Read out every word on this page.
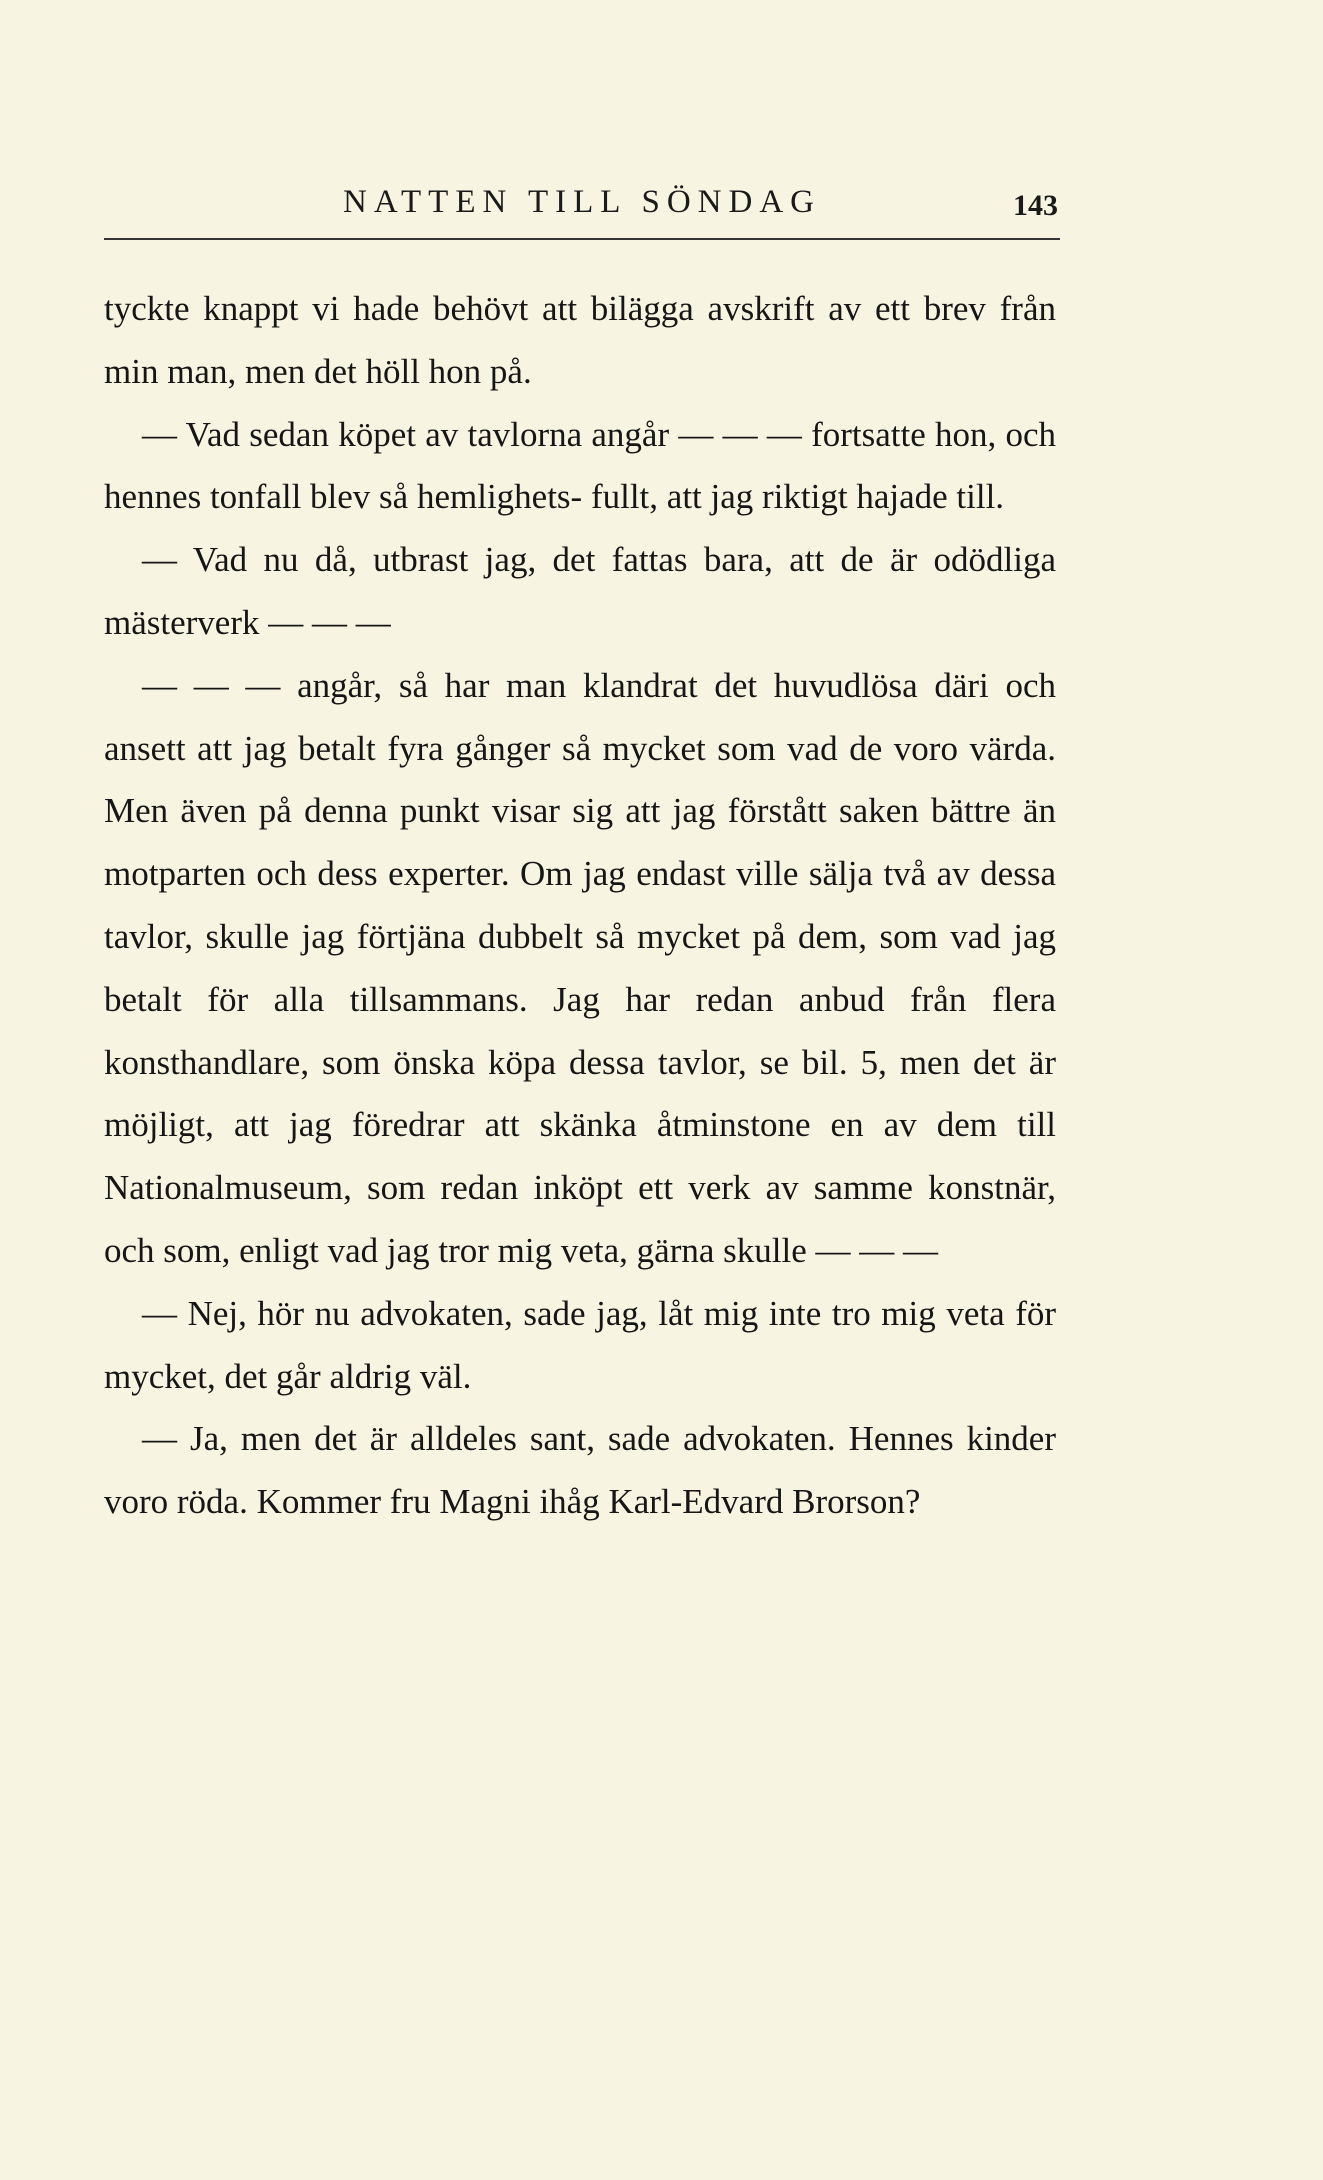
NATTEN TILL SÖNDAG	143

tyckte knappt vi hade behövt att bilägga avskrift av ett brev från min man, men det höll hon på.

— Vad sedan köpet av tavlorna angår — — — fortsatte hon, och hennes tonfall blev så hemlighets- fullt, att jag riktigt hajade till.

— Vad nu då, utbrast jag, det fattas bara, att de är odödliga mästerverk — — —

— — — angår, så har man klandrat det huvudlösa däri och ansett att jag betalt fyra gånger så mycket som vad de voro värda. Men även på denna punkt visar sig att jag förstått saken bättre än motparten och dess experter. Om jag endast ville sälja två av dessa tavlor, skulle jag förtjäna dubbelt så mycket på dem, som vad jag betalt för alla tillsammans. Jag har redan anbud från flera konsthandlare, som önska köpa dessa tavlor, se bil. 5, men det är möjligt, att jag föredrar att skänka åtminstone en av dem till Nationalmuseum, som redan inköpt ett verk av samme konstnär, och som, enligt vad jag tror mig veta, gärna skulle — — —

— Nej, hör nu advokaten, sade jag, låt mig inte tro mig veta för mycket, det går aldrig väl.

— Ja, men det är alldeles sant, sade advokaten. Hennes kinder voro röda. Kommer fru Magni ihåg Karl-Edvard Brorson?
